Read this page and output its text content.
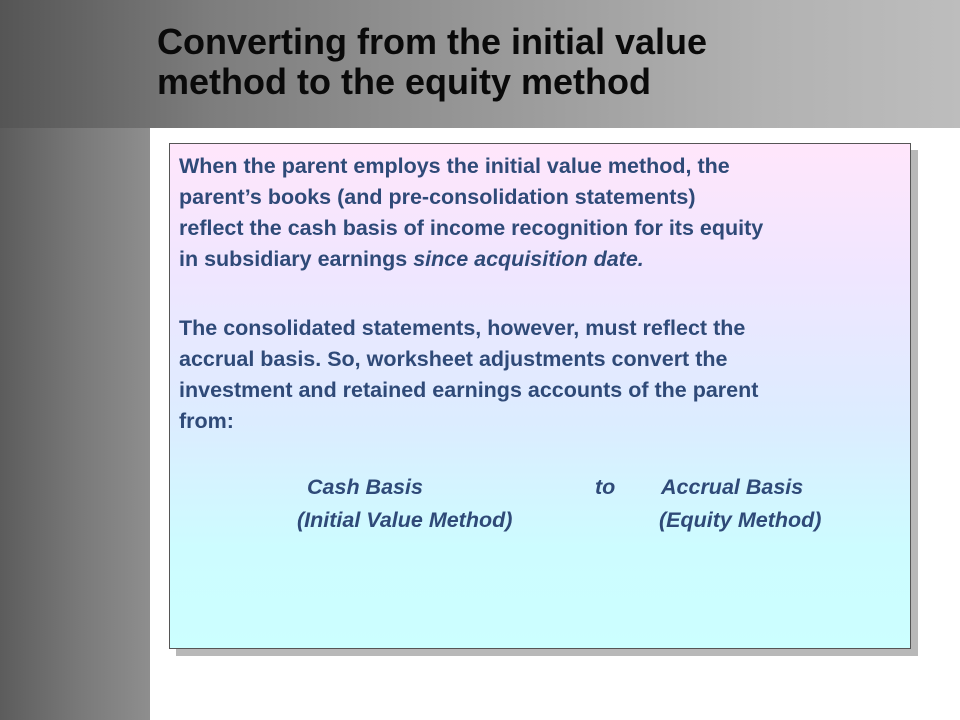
Converting from the initial value
method to the equity method

When the parent employs the initial value method, the
parent’s books (and pre-consolidation statements)
reflect the cash basis of income recognition for its equity
in subsidiary earnings since acquisition date.

The consolidated statements, however, must reflect the
accrual basis. So, worksheet adjustments convert the
investment and retained earnings accounts of the parent
from:

Cash Basis	to Accrual Basis
(Initial Value Method)	(Equity Method)
